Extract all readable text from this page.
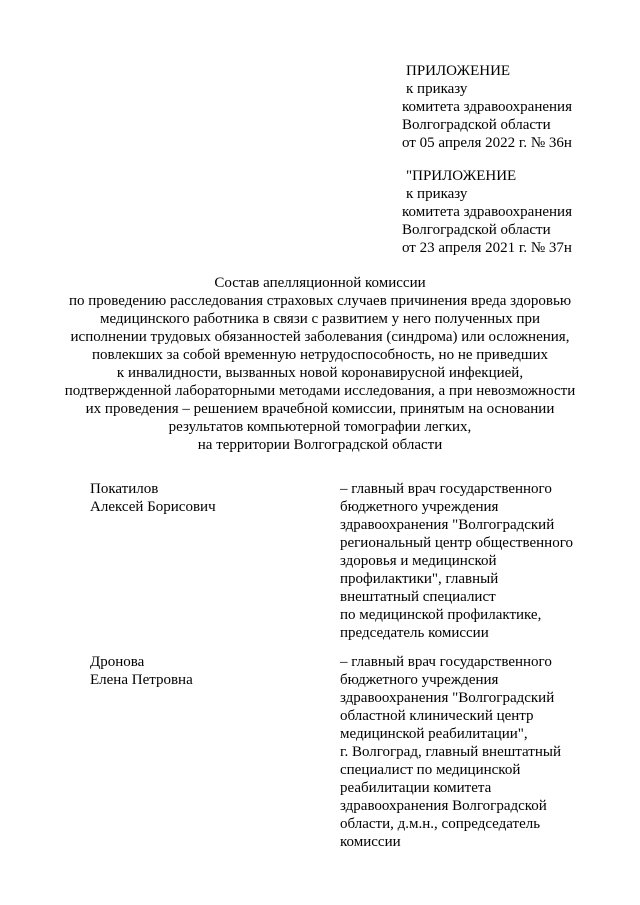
ПРИЛОЖЕНИЕ
к приказу
комитета здравоохранения
Волгоградской области
от 05 апреля 2022 г. № 36н
"ПРИЛОЖЕНИЕ
к приказу
комитета здравоохранения
Волгоградской области
от 23 апреля 2021 г. № 37н
Состав апелляционной комиссии
по проведению расследования страховых случаев причинения вреда здоровью
медицинского работника в связи с развитием у него полученных при
исполнении трудовых обязанностей заболевания (синдрома) или осложнения,
повлекших за собой временную нетрудоспособность, но не приведших
к инвалидности, вызванных новой коронавирусной инфекцией,
подтвержденной лабораторными методами исследования, а при невозможности
их проведения – решением врачебной комиссии, принятым на основании
результатов компьютерной томографии легких,
на территории Волгоградской области
Покатилов
Алексей Борисович
– главный врач государственного
бюджетного учреждения
здравоохранения "Волгоградский
региональный центр общественного
здоровья и медицинской
профилактики", главный
внештатный специалист
по медицинской профилактике,
председатель комиссии
Дронова
Елена Петровна
– главный врач государственного
бюджетного учреждения
здравоохранения "Волгоградский
областной клинический центр
медицинской реабилитации",
г. Волгоград, главный внештатный
специалист по медицинской
реабилитации комитета
здравоохранения Волгоградской
области, д.м.н., сопредседатель
комиссии
